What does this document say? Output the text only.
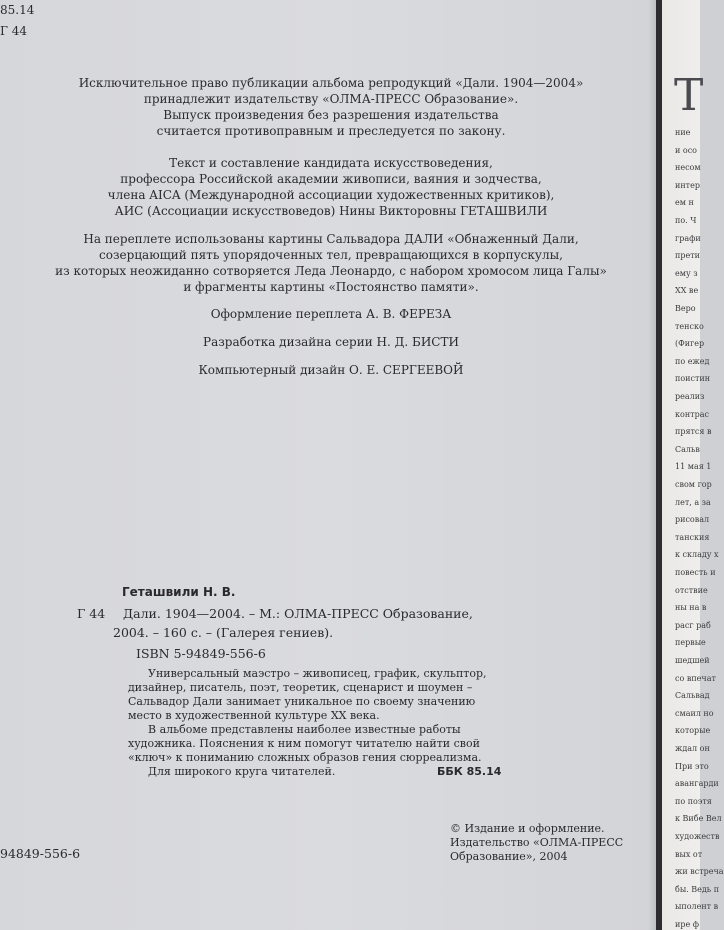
85.14
Г 44

Исключительное право публикации альбома репродукций «Дали. 1904—2004»

принадлежит издательству «ОЛМА-ПРЕСС Образование».

Выпуск произведения без разрешения издательства

считается противоправным и преследуется по закону.

Текст и составление кандидата искусствоведения,

профессора Российской академии живописи, ваяния и зодчества,

члена AICA (Международной ассоциации художественных критиков),

АИС (Ассоциации искусствоведов) Нины Викторовны ГЕТАШВИЛИ

На переплете использованы картины Сальвадора ДАЛИ «Обнаженный Дали,

созерцающий пять упорядоченных тел, превращающихся в корпускулы,

из которых неожиданно сотворяется Леда Леонардо, с набором хромосом лица Галы»

и фрагменты картины «Постоянство памяти».

Оформление переплета А. В. ФЕРЕЗА
Разработка дизайна серии Н. Д. БИСТИ
Компьютерный дизайн О. Е. СЕРГЕЕВОЙ
Геташвили Н. В.
Г 44 Дали. 1904—2004. – М.: ОЛМА-ПРЕСС Образование,
2004. – 160 с. – (Галерея гениев).
ISBN 5-94849-556-6

Универсальный маэстро – живописец, график, скульптор, дизайнер, писатель, поэт, теоретик, сценарист и шоумен – Сальвадор Дали занимает уникальное по своему значению место в художественной культуре XX века.

В альбоме представлены наиболее известные работы художника. Пояснения к ним помогут читателю найти свой «ключ» к пониманию сложных образов гения сюрреализма.

Для широкого круга читателей.	ББК 85.14
94849-556-6

© Издание и оформление.

Издательство «ОЛМА-ПРЕСС

Образование», 2004

Т
ние
и осо
несом
интер
ем н
по. Ч
графи
прети
ему з
XX ве
Веро
тенско
(Фигер
по ежед
поистин
реализ
контрас
прятся в
Сальв
11 мая 1
свом гор
лет, а за
рисовал
танския
к складу х
повесть и
отствие
ны на в
pacг раб
первые
шедшей
со впечат
Сальвад
смаил но
которые
ждал он
При это
авангарди
по поэтя
к Вибе Вел
художеств
вых от
жи встреча
бы. Ведь п
ыполент в
ире ф
